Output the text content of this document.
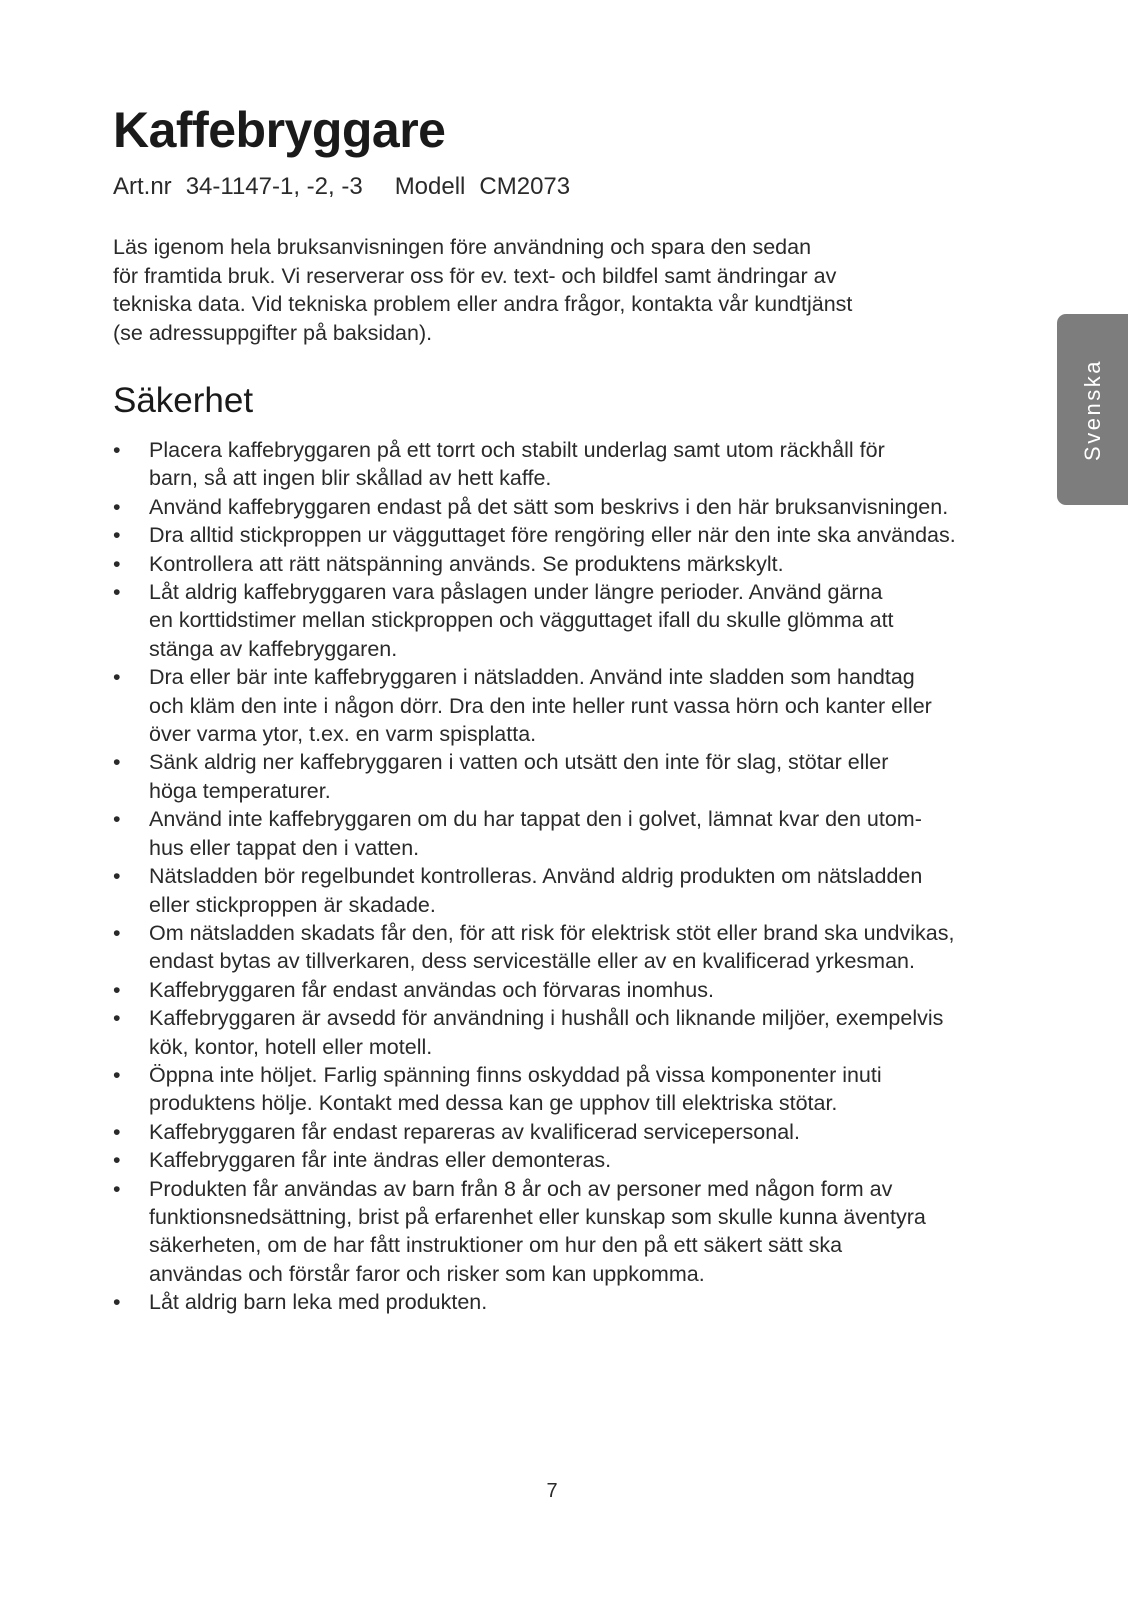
Kaffebryggare
Art.nr 34-1147-1, -2, -3 Modell CM2073

Läs igenom hela bruksanvisningen före användning och spara den sedan
för framtida bruk. Vi reserverar oss för ev. text- och bildfel samt ändringar av
tekniska data. Vid tekniska problem eller andra frågor, kontakta vår kundtjänst
(se adressuppgifter på baksidan).

Säkerhet
•	Placera kaffebryggaren på ett torrt och stabilt underlag samt utom räckhåll för
barn, så att ingen blir skållad av hett kaffe.
•	Använd kaffebryggaren endast på det sätt som beskrivs i den här bruksanvisningen.
•	Dra alltid stickproppen ur vägguttaget före rengöring eller när den inte ska användas.
•	Kontrollera att rätt nätspänning används. Se produktens märkskylt.
•	Låt aldrig kaffebryggaren vara påslagen under längre perioder. Använd gärna
en korttidstimer mellan stickproppen och vägguttaget ifall du skulle glömma att
stänga av kaffebryggaren.
•	Dra eller bär inte kaffebryggaren i nätsladden. Använd inte sladden som handtag
och kläm den inte i någon dörr. Dra den inte heller runt vassa hörn och kanter eller
över varma ytor, t.ex. en varm spisplatta.
•	Sänk aldrig ner kaffebryggaren i vatten och utsätt den inte för slag, stötar eller
höga temperaturer.
•	Använd inte kaffebryggaren om du har tappat den i golvet, lämnat kvar den utom-
hus eller tappat den i vatten.
•	Nätsladden bör regelbundet kontrolleras. Använd aldrig produkten om nätsladden
eller stickproppen är skadade.
•	Om nätsladden skadats får den, för att risk för elektrisk stöt eller brand ska undvikas,
endast bytas av tillverkaren, dess serviceställe eller av en kvalificerad yrkesman.
•	Kaffebryggaren får endast användas och förvaras inomhus.
•	Kaffebryggaren är avsedd för användning i hushåll och liknande miljöer, exempelvis
kök, kontor, hotell eller motell.
•	Öppna inte höljet. Farlig spänning finns oskyddad på vissa komponenter inuti
produktens hölje. Kontakt med dessa kan ge upphov till elektriska stötar.
•	Kaffebryggaren får endast repareras av kvalificerad servicepersonal.
•	Kaffebryggaren får inte ändras eller demonteras.
•	Produkten får användas av barn från 8 år och av personer med någon form av
funktionsnedsättning, brist på erfarenhet eller kunskap som skulle kunna äventyra
säkerheten, om de har fått instruktioner om hur den på ett säkert sätt ska
användas och förstår faror och risker som kan uppkomma.
•	Låt aldrig barn leka med produkten.
Svenska
7
